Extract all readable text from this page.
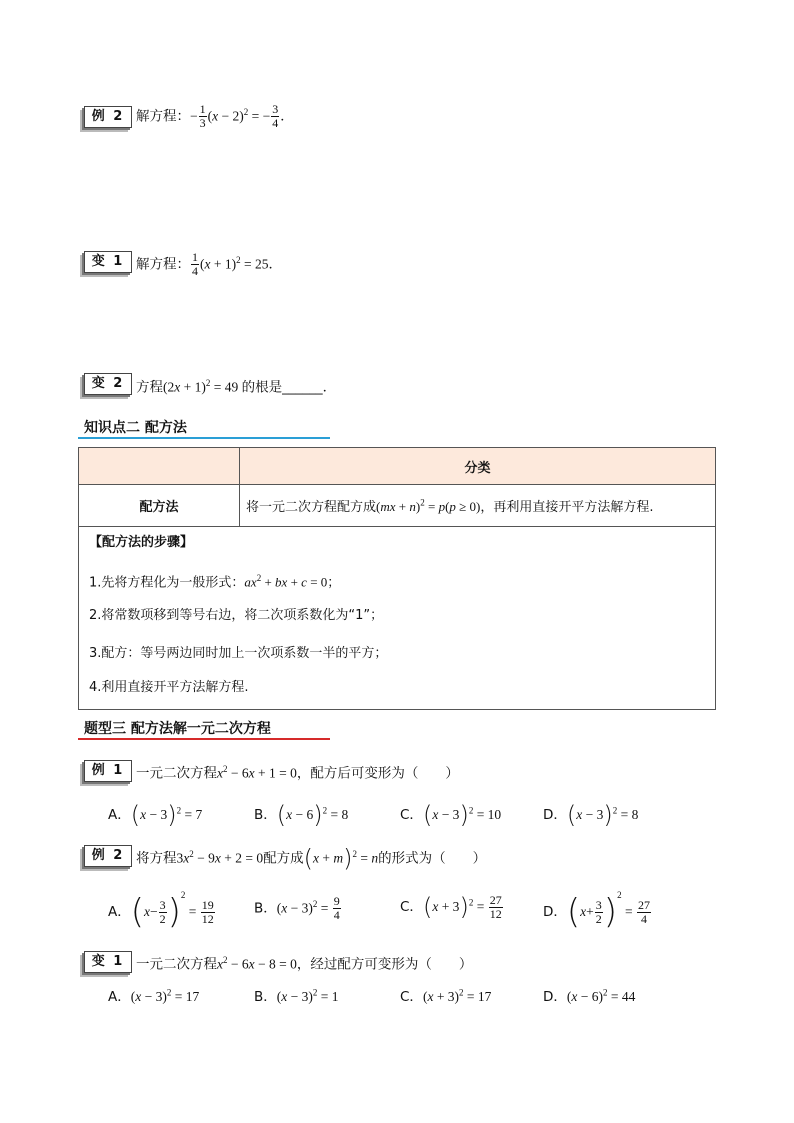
例 2 解方程：− $\frac{1}{3} (x - 2)^2$ = − $\frac{3}{4}$ ．
变 1 解方程： $\frac{1}{4} (x + 1)^2 = 25$．
变 2 方程$(2x + 1)^2 = 49$ 的根是______．
知识点二 配方法
	分类
配方法	将一元二次方程配方成(mx + n)$^2$ = p(p ≥ 0)，再利用直接开平方法解方程.

【配方法的步骤】
1.先将方程化为一般形式：$ax^2$ + bx + c = 0；
2.将常数项移到等号右边，将二次项系数化为“1”；
3.配方：等号两边同时加上一次项系数一半的平方；
4.利用直接开平方法解方程.	
题型三 配方法解一元二次方程
例 1 一元二次方程$x^2 - 6x + 1 = 0$，配方后可变形为（　　）
A．$(x - 3)^2 = 7$	B．$(x - 6)^2 = 8$	C．$(x - 3)^2 = 10$	D．$(x - 3)^2 = 8$
例 2 将方程$3x^2 - 9x + 2 = 0$配方成$(x + m)^2 = n$的形式为（　　）
A．$(x- \frac{3}{2} )^2 = \frac{19}{12}$	B．$(x - 3)^2 = \frac{9}{4}$	C．$(x + 3)^2 = \frac{27}{12}$	D．$(x+ \frac{3}{2} )^2 = \frac{27}{4}$
变 1 一元二次方程$x^2 - 6x - 8 = 0$，经过配方可变形为（　　）
A．$(x - 3)^2 = 17$	B．$(x - 3)^2 = 1$	C．$(x + 3)^2 = 17$	D．$(x - 6)^2 = 44$
